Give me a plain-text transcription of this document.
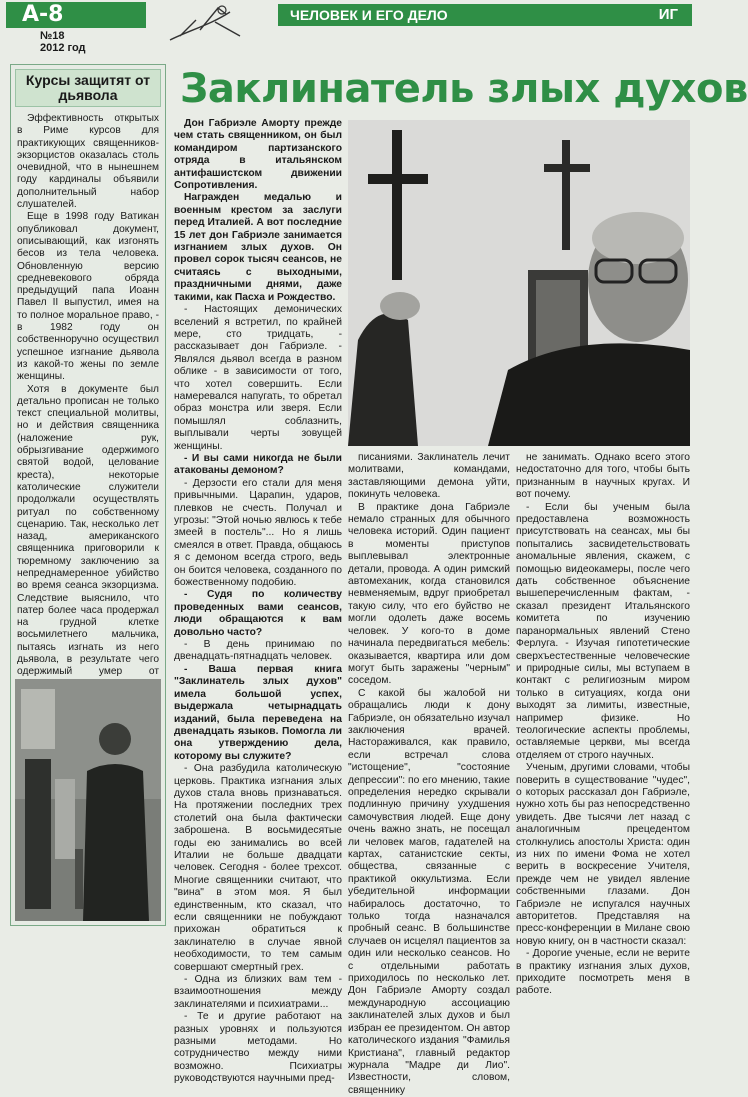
А-8
№18
2012 год
ЧЕЛОВЕК И ЕГО ДЕЛО	ИГ
Курсы защитят от дьявола

Эффективность открытых в Риме курсов для практикующих священников-экзорцистов оказалась столь очевидной, что в нынешнем году кардиналы объявили дополнительный набор слушателей.

Еще в 1998 году Ватикан опубликовал документ, описывающий, как изгонять бесов из тела человека. Обновленную версию средневекового обряда предыдущий папа Иоанн Павел II выпустил, имея на то полное моральное право, - в 1982 году он собственноручно осуществил успешное изгнание дьявола из какой-то жены по земле женщины.

Хотя в документе был детально прописан не только текст специальной молитвы, но и действия священника (наложение рук, обрызгивание одержимого святой водой, целование креста), некоторые католические служители продолжали осуществлять ритуал по собственному сценарию. Так, несколько лет назад, американского священника приговорили к тюремному заключению за непреднамеренное убийство во время сеанса экзорцизма. Следствие выяснило, что патер более часа продержал на грудной клетке восьмилетнего мальчика, пытаясь изгнать из него дьявола, в результате чего одержимый умер от

Заклинатель злых духов

Дон Габриэле Аморту прежде чем стать священником, он был командиром партизанского отряда в итальянском антифашистском движении Сопротивления.

Награжден медалью и военным крестом за заслуги перед Италией. А вот последние 15 лет дон Габриэле занимается изгнанием злых духов. Он провел сорок тысяч сеансов, не считаясь с выходными, праздничными днями, даже такими, как Пасха и Рождество.

- Настоящих демонических вселений я встретил, по крайней мере, сто тридцать, - рассказывает дон Габриэле. - Являлся дьявол всегда в разном облике - в зависимости от того, что хотел совершить. Если намеревался напугать, то обретал образ монстра или зверя. Если помышлял соблазнить, выплывали черты зовущей женщины.

- И вы сами никогда не были атакованы демоном?

- Дерзости его стали для меня привычными. Царапин, ударов, плевков не счесть. Получал и угрозы: "Этой ночью явлюсь к тебе змеей в постель"... Но я лишь смеялся в ответ. Правда, общаюсь я с демоном всегда строго, ведь он боится человека, созданного по божественному подобию.

- Судя по количеству проведенных вами сеансов, люди обращаются к вам довольно часто?

- В день принимаю по двенадцать-пятнадцать человек.

- Ваша первая книга "Заклинатель злых духов" имела большой успех, выдержала четырнадцать изданий, была переведена на двенадцать языков. Помогла ли она утверждению дела, которому вы служите?

- Она разбудила католическую церковь. Практика изгнания злых духов стала вновь признаваться. На протяжении последних трех столетий она была фактически заброшена. В восьмидесятые годы ею занимались во всей Италии не больше двадцати человек. Сегодня - более трехсот. Многие священники считают, что "вина" в этом моя. Я был единственным, кто сказал, что если священники не побуждают прихожан обратиться к заклинателю в случае явной необходимости, то тем самым совершают смертный грех.

- Одна из близких вам тем - взаимоотношения между заклинателями и психиатрами...

- Те и другие работают на разных уровнях и пользуются разными методами. Но сотрудничество между ними возможно. Психиатры руководствуются научными пред-

писаниями. Заклинатель лечит молитвами, командами, заставляющими демона уйти, покинуть человека.

В практике дона Габриэле немало странных для обычного человека историй. Один пациент в моменты приступов выплевывал электронные детали, провода. А один римский автомеханик, когда становился невменяемым, вдруг приобретал такую силу, что его буйство не могли одолеть даже восемь человек. У кого-то в доме начинала передвигаться мебель: оказывается, квартира или дом могут быть заражены "черным" соседом.

С какой бы жалобой ни обращались люди к дону Габриэле, он обязательно изучал заключения врачей. Настораживался, как правило, если встречал слова "истощение", "состояние депрессии": по его мнению, такие определения нередко скрывали подлинную причину ухудшения самочувствия людей. Еще дону очень важно знать, не посещал ли человек магов, гадателей на картах, сатанистские секты, общества, связанные с практикой оккультизма. Если убедительной информации набиралось достаточно, то только тогда назначался пробный сеанс. В большинстве случаев он исцелял пациентов за один или несколько сеансов. Но с отдельными работать приходилось по несколько лет. Дон Габриэле Аморту создал международную ассоциацию заклинателей злых духов и был избран ее президентом. Он автор католического издания "Фамилья Кристиана", главный редактор журнала "Мадре ди Лио". Известности, словом, священнику

не занимать. Однако всего этого недостаточно для того, чтобы быть признанным в научных кругах. И вот почему.

- Если бы ученым была предоставлена возможность присутствовать на сеансах, мы бы попытались засвидетельствовать аномальные явления, скажем, с помощью видеокамеры, после чего дать собственное объяснение вышеперечисленным фактам, - сказал президент Итальянского комитета по изучению паранормальных явлений Стено Ферлуга. - Изучая гипотетические сверхъестественные человеческие и природные силы, мы вступаем в контакт с религиозным миром только в ситуациях, когда они выходят за лимиты, известные, например физике. Но теологические аспекты проблемы, оставляемые церкви, мы всегда отделяем от строго научных.

Ученым, другими словами, чтобы поверить в существование "чудес", о которых рассказал дон Габриэле, нужно хоть бы раз непосредственно увидеть. Две тысячи лет назад с аналогичным прецедентом столкнулись апостолы Христа: один из них по имени Фома не хотел верить в воскресение Учителя, прежде чем не увидел явление собственными глазами. Дон Габриэле не испугался научных авторитетов. Представляя на пресс-конференции в Милане свою новую книгу, он в частности сказал:

- Дорогие ученые, если не верите в практику изгнания злых духов, приходите посмотреть меня в работе.
